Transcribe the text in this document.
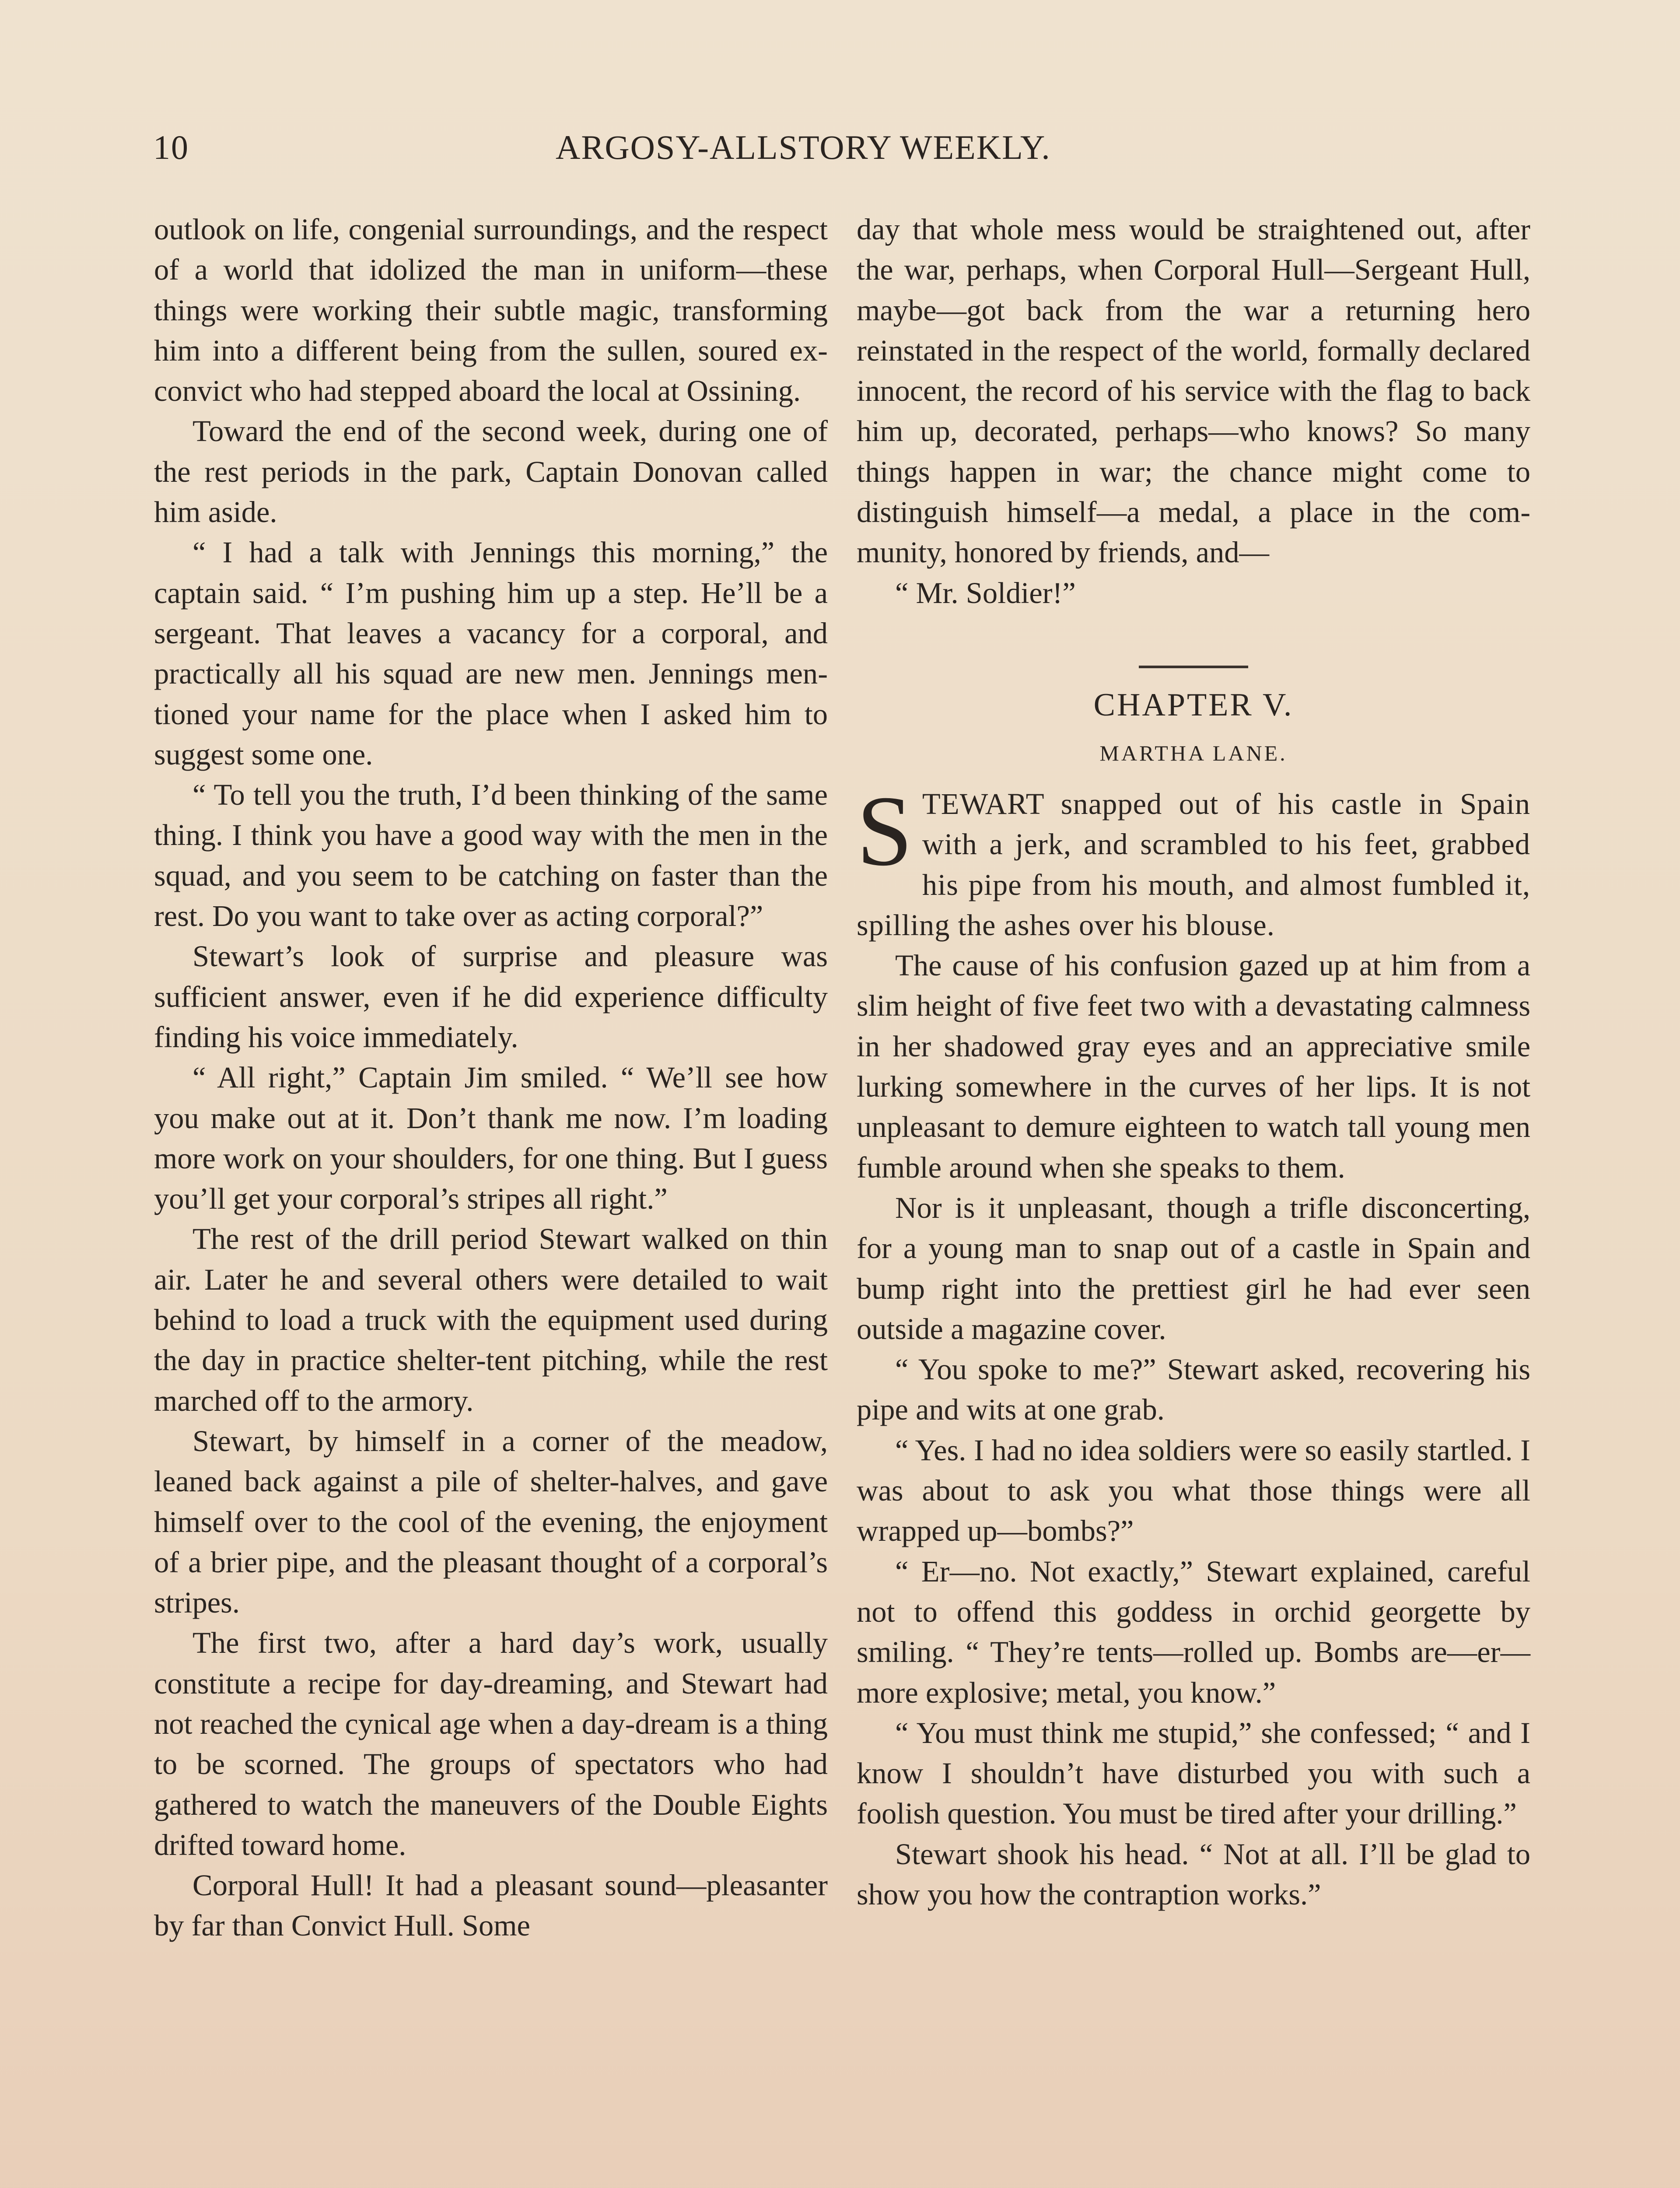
10	ARGOSY-ALLSTORY WEEKLY.

outlook on life, congenial surroundings, and the respect of a world that idolized the man in uniform—these things were working their subtle magic, transforming him into a different being from the sullen, soured ex-convict who had stepped aboard the local at Ossining.

Toward the end of the second week, during one of the rest periods in the park, Captain Donovan called him aside.

“ I had a talk with Jennings this morning,” the captain said. “ I’m pushing him up a step. He’ll be a sergeant. That leaves a vacancy for a corporal, and practically all his squad are new men. Jennings mentioned your name for the place when I asked him to suggest some one.

“ To tell you the truth, I’d been thinking of the same thing. I think you have a good way with the men in the squad, and you seem to be catching on faster than the rest. Do you want to take over as acting corporal?”

Stewart’s look of surprise and pleasure was sufficient answer, even if he did experience difficulty finding his voice immediately.

“ All right,” Captain Jim smiled. “ We’ll see how you make out at it. Don’t thank me now. I’m loading more work on your shoulders, for one thing. But I guess you’ll get your corporal’s stripes all right.”

The rest of the drill period Stewart walked on thin air. Later he and several others were detailed to wait behind to load a truck with the equipment used during the day in practice shelter-tent pitching, while the rest marched off to the armory.

Stewart, by himself in a corner of the meadow, leaned back against a pile of shelter-halves, and gave himself over to the cool of the evening, the enjoyment of a brier pipe, and the pleasant thought of a corporal’s stripes.

The first two, after a hard day’s work, usually constitute a recipe for day-dreaming, and Stewart had not reached the cynical age when a day-dream is a thing to be scorned. The groups of spectators who had gathered to watch the maneuvers of the Double Eights drifted toward home.

Corporal Hull! It had a pleasant sound—pleasanter by far than Convict Hull. Some

day that whole mess would be straightened out, after the war, perhaps, when Corporal Hull—Sergeant Hull, maybe—got back from the war a returning hero reinstated in the respect of the world, formally declared innocent, the record of his service with the flag to back him up, decorated, perhaps—who knows? So many things happen in war; the chance might come to distinguish himself—a medal, a place in the community, honored by friends, and—

“ Mr. Soldier!”

CHAPTER V.
MARTHA LANE.

STEWART snapped out of his castle in Spain with a jerk, and scrambled to his feet, grabbed his pipe from his mouth, and almost fumbled it, spilling the ashes over his blouse.

The cause of his confusion gazed up at him from a slim height of five feet two with a devastating calmness in her shadowed gray eyes and an appreciative smile lurking somewhere in the curves of her lips. It is not unpleasant to demure eighteen to watch tall young men fumble around when she speaks to them.

Nor is it unpleasant, though a trifle disconcerting, for a young man to snap out of a castle in Spain and bump right into the prettiest girl he had ever seen outside a magazine cover.

“ You spoke to me?” Stewart asked, recovering his pipe and wits at one grab.

“ Yes. I had no idea soldiers were so easily startled. I was about to ask you what those things were all wrapped up—bombs?”

“ Er—no. Not exactly,” Stewart explained, careful not to offend this goddess in orchid georgette by smiling. “ They’re tents—rolled up. Bombs are—er—more explosive; metal, you know.”

“ You must think me stupid,” she confessed; “ and I know I shouldn’t have disturbed you with such a foolish question. You must be tired after your drilling.”

Stewart shook his head. “ Not at all. I’ll be glad to show you how the contraption works.”
